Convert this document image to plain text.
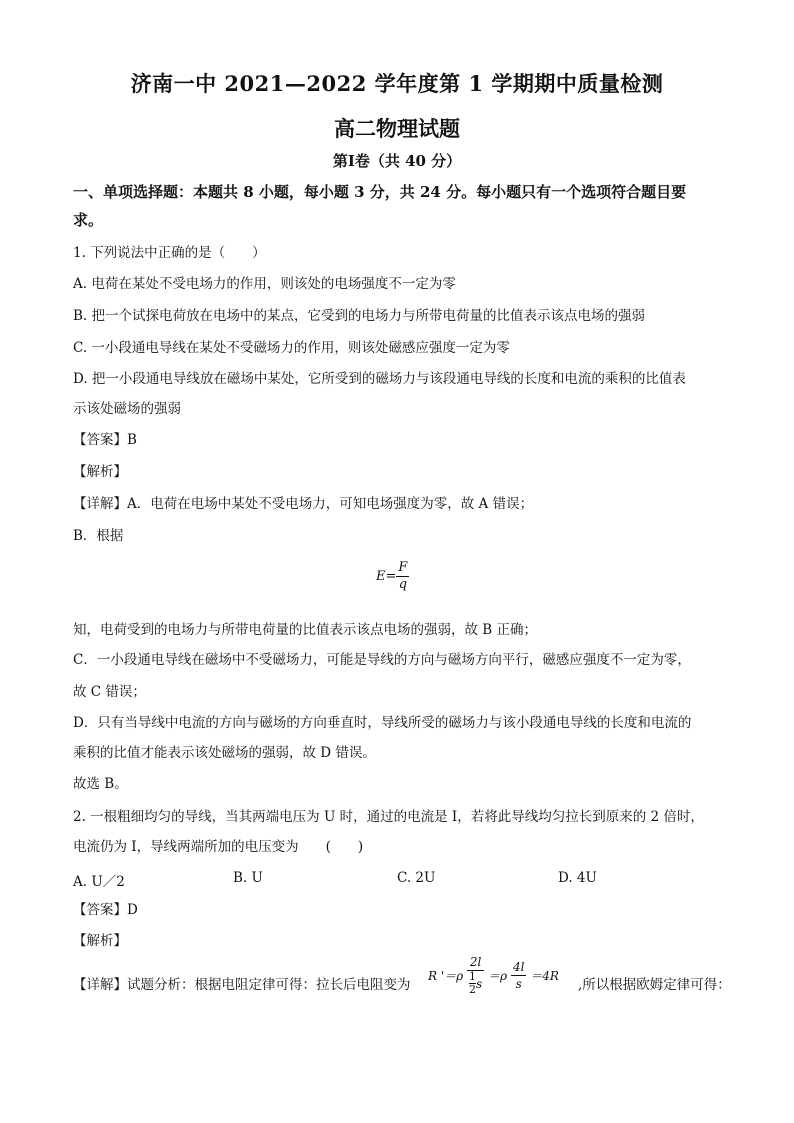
济南一中 2021—2022 学年度第 1 学期期中质量检测
高二物理试题
第Ⅰ卷（共 40 分）
一、单项选择题：本题共 8 小题，每小题 3 分，共 24 分。每小题只有一个选项符合题目要
求。
1. 下列说法中正确的是（　　）
A. 电荷在某处不受电场力的作用，则该处的电场强度不一定为零
B. 把一个试探电荷放在电场中的某点，它受到的电场力与所带电荷量的比值表示该点电场的强弱
C. 一小段通电导线在某处不受磁场力的作用，则该处磁感应强度一定为零
D. 把一小段通电导线放在磁场中某处，它所受到的磁场力与该段通电导线的长度和电流的乘积的比值表
示该处磁场的强弱
【答案】B
【解析】
【详解】A．电荷在电场中某处不受电场力，可知电场强度为零，故 A 错误；
B．根据
$E= \frac{F}{q}$
知，电荷受到的电场力与所带电荷量的比值表示该点电场的强弱，故 B 正确；
C．一小段通电导线在磁场中不受磁场力，可能是导线的方向与磁场方向平行，磁感应强度不一定为零，
故 C 错误；
D．只有当导线中电流的方向与磁场的方向垂直时，导线所受的磁场力与该小段通电导线的长度和电流的
乘积的比值才能表示该处磁场的强弱，故 D 错误。
故选 B。
2. 一根粗细均匀的导线，当其两端电压为 U 时，通过的电流是 I，若将此导线均匀拉长到原来的 2 倍时，
电流仍为 I，导线两端所加的电压变为　　(　　)
A. U／2	B. U	C. 2U	D. 4U
【答案】D
【解析】
【详解】试题分析：根据电阻定律可得：拉长后电阻变为
R '$=\rho \frac{2l}{\frac{1}{2} s} =\rho \frac{4l}{s} =4R$
,所以根据欧姆定律可得：
